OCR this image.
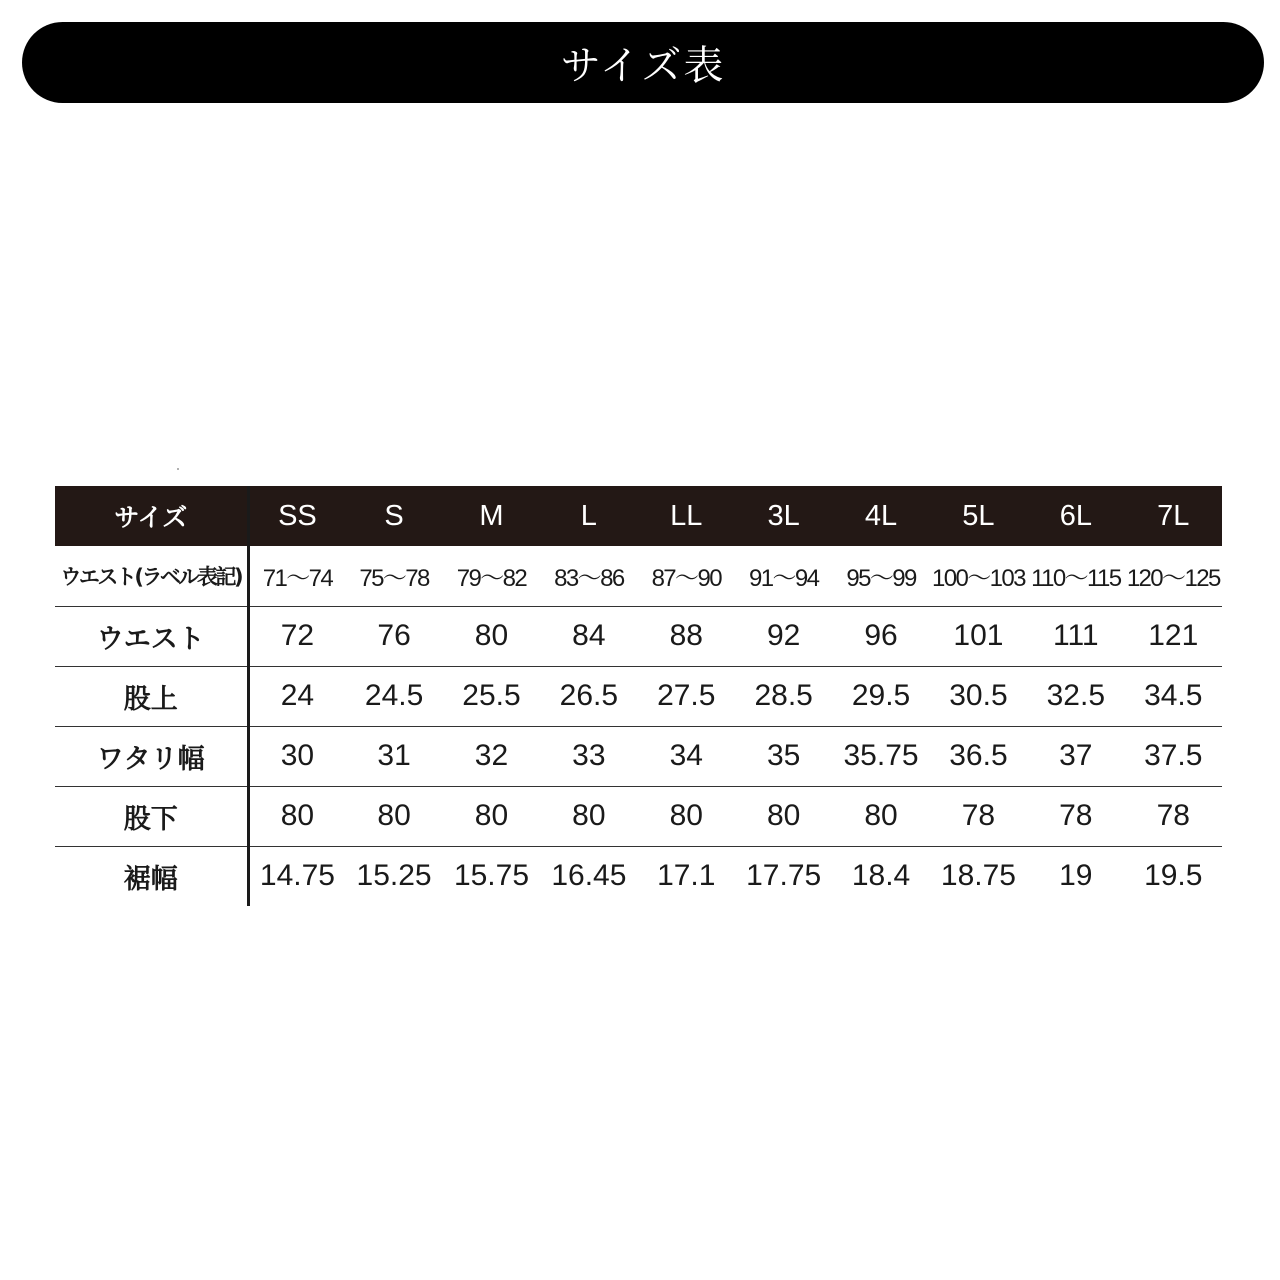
サイズ表
サイズ	SS	S	M	L	LL	3L	4L	5L	6L	7L
ウエスト(ラベル表記)	71～74	75～78	79～82	83～86	87～90	91～94	95～99	100～103	110～115	120～125
ウエスト	72	76	80	84	88	92	96	101	111	121
股上	24	24.5	25.5	26.5	27.5	28.5	29.5	30.5	32.5	34.5
ワタリ幅	30	31	32	33	34	35	35.75	36.5	37	37.5
股下	80	80	80	80	80	80	80	78	78	78
裾幅	14.75	15.25	15.75	16.45	17.1	17.75	18.4	18.75	19	19.5
